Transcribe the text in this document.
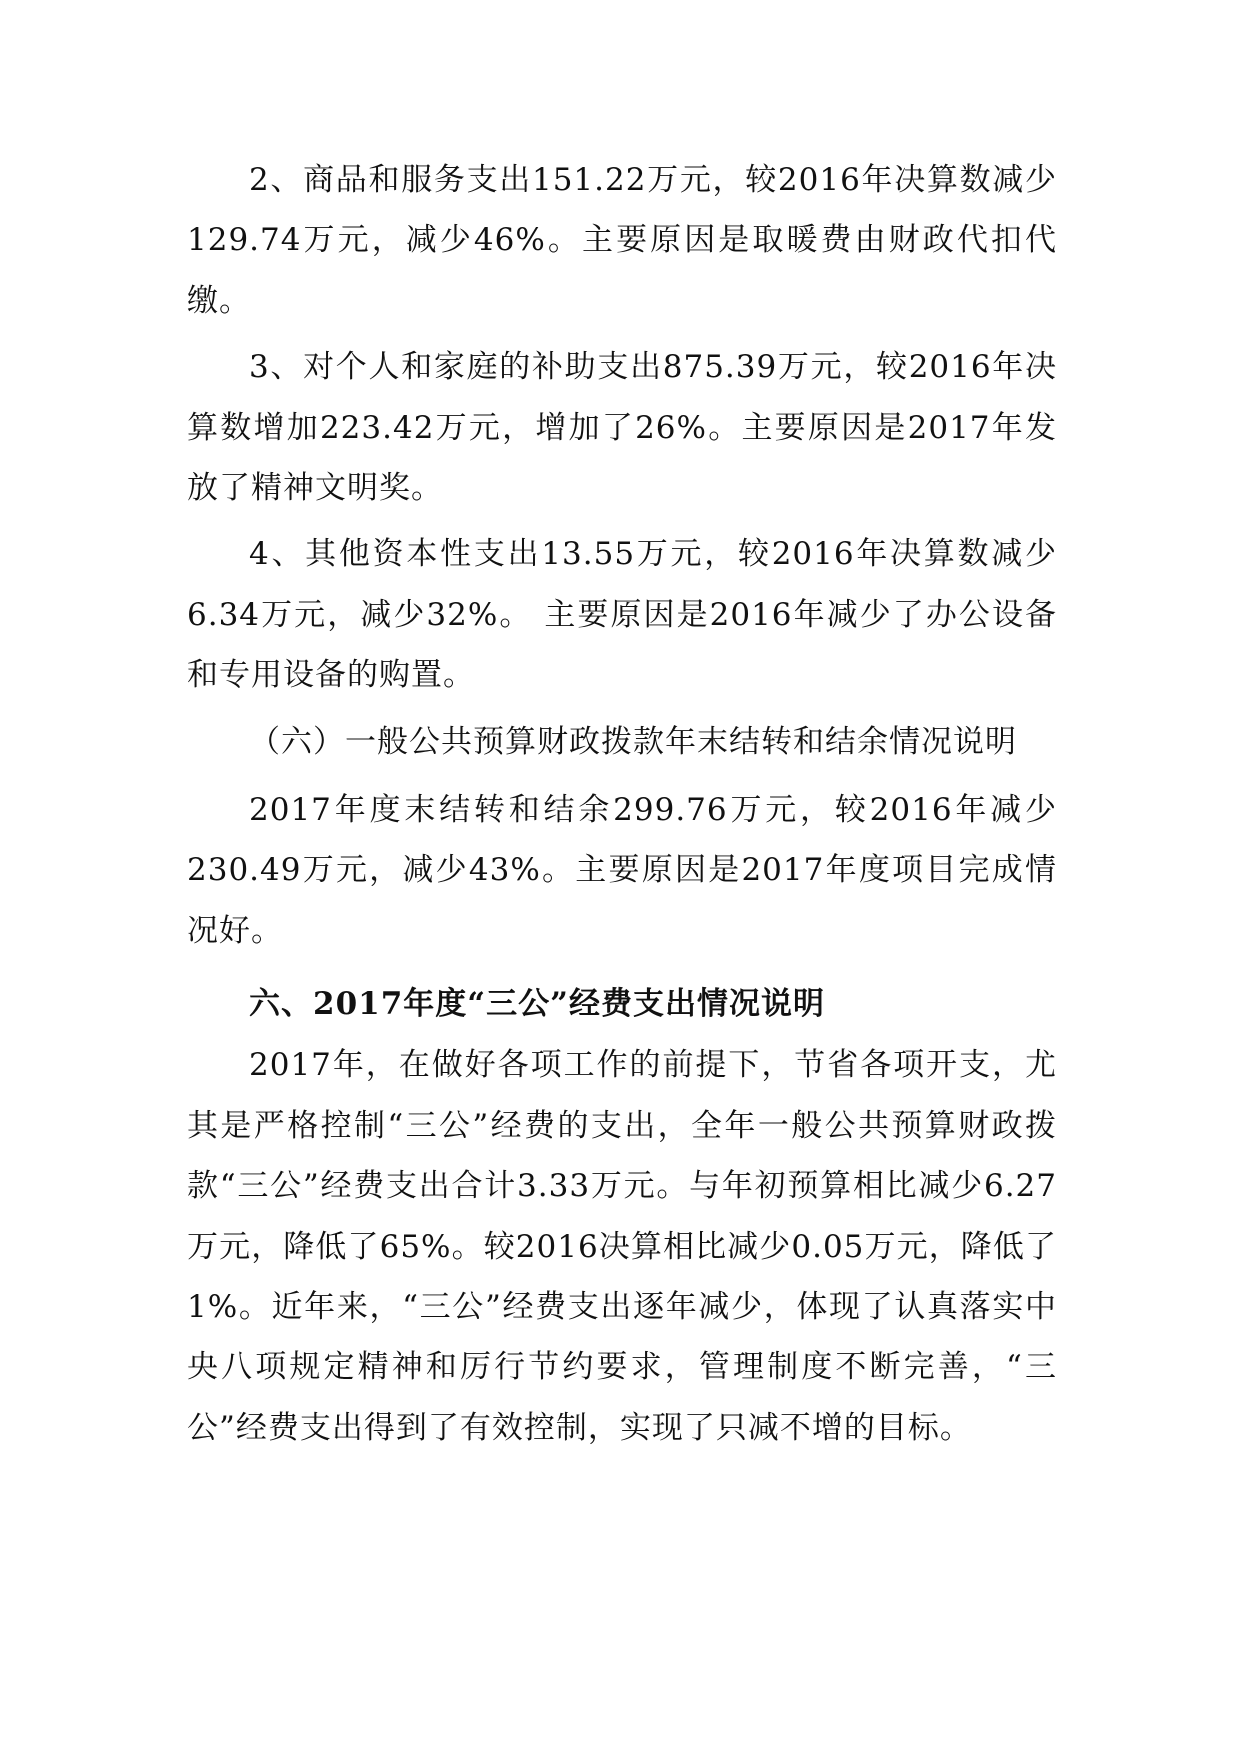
2、商品和服务支出151.22万元，较2016年决算数减少129.74万元，减少46%。主要原因是取暖费由财政代扣代缴。

3、对个人和家庭的补助支出875.39万元，较2016年决算数增加223.42万元，增加了26%。主要原因是2017年发放了精神文明奖。

4、其他资本性支出13.55万元，较2016年决算数减少6.34万元，减少32%。 主要原因是2016年减少了办公设备和专用设备的购置。

（六）一般公共预算财政拨款年末结转和结余情况说明

2017年度末结转和结余299.76万元，较2016年减少230.49万元，减少43%。主要原因是2017年度项目完成情况好。

六、2017年度“三公”经费支出情况说明

2017年，在做好各项工作的前提下，节省各项开支，尤其是严格控制“三公”经费的支出，全年一般公共预算财政拨款“三公”经费支出合计3.33万元。与年初预算相比减少6.27万元，降低了65%。较2016决算相比减少0.05万元，降低了1%。近年来，“三公”经费支出逐年减少，体现了认真落实中央八项规定精神和厉行节约要求，管理制度不断完善，“三公”经费支出得到了有效控制，实现了只减不增的目标。
